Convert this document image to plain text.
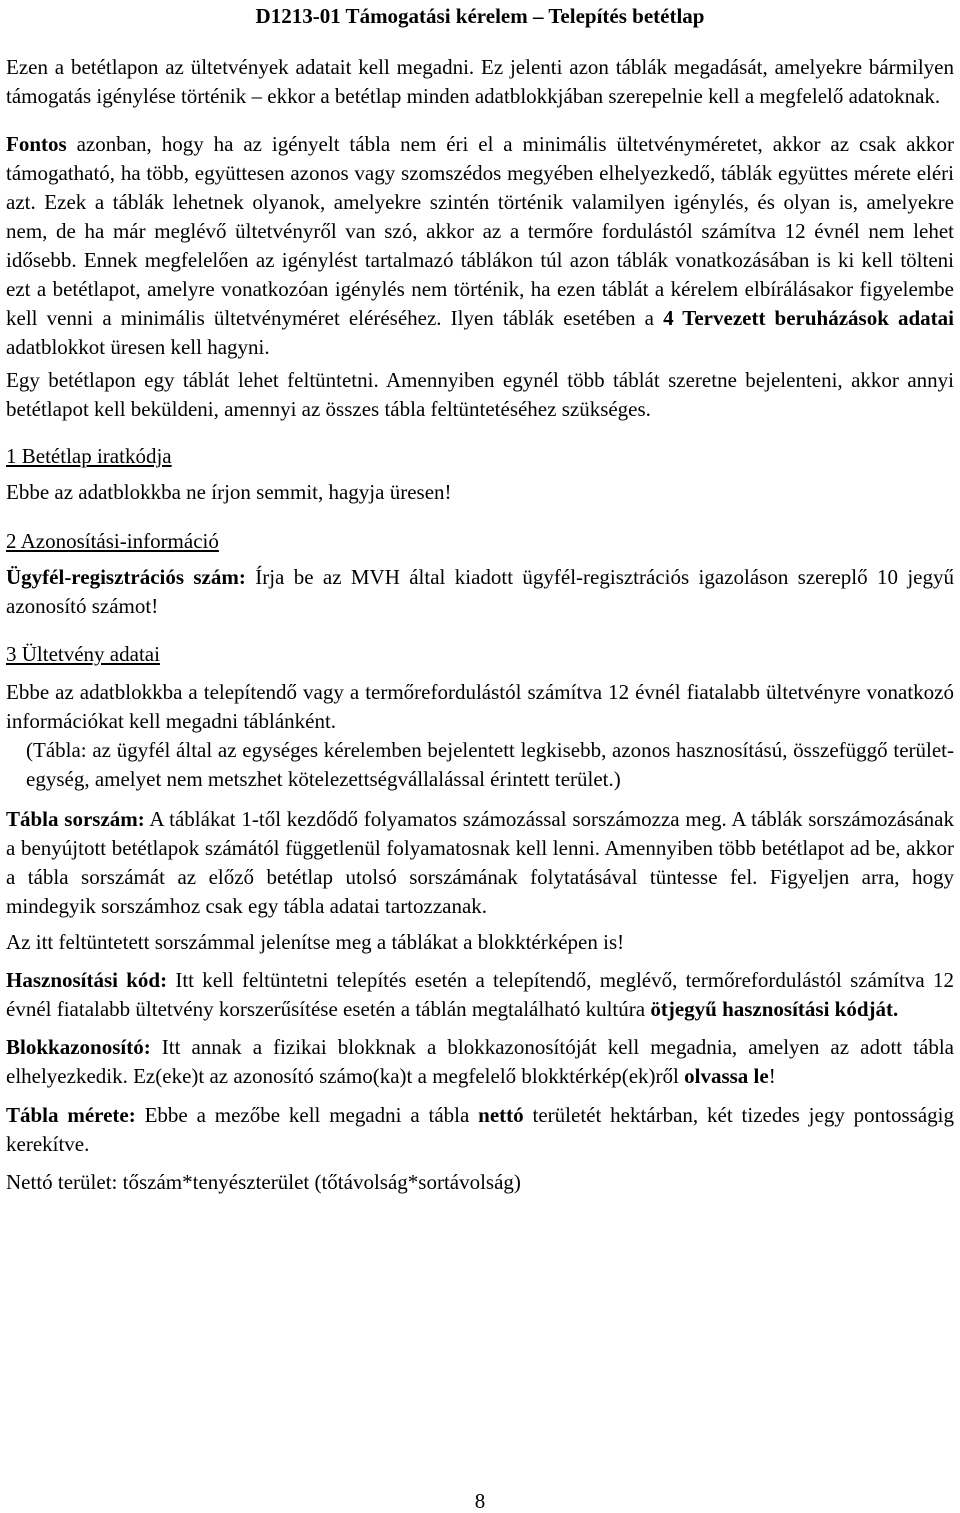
D1213-01 Támogatási kérelem – Telepítés betétlap

Ezen a betétlapon az ültetvények adatait kell megadni. Ez jelenti azon táblák megadását, amelyekre bármilyen támogatás igénylése történik – ekkor a betétlap minden adatblokkjában szerepelnie kell a megfelelő adatoknak.

Fontos azonban, hogy ha az igényelt tábla nem éri el a minimális ültetvényméretet, akkor az csak akkor támogatható, ha több, együttesen azonos vagy szomszédos megyében elhelyezkedő, táblák együttes mérete eléri azt. Ezek a táblák lehetnek olyanok, amelyekre szintén történik valamilyen igénylés, és olyan is, amelyekre nem, de ha már meglévő ültetvényről van szó, akkor az a termőre fordulástól számítva 12 évnél nem lehet idősebb. Ennek megfelelően az igénylést tartalmazó táblákon túl azon táblák vonatkozásában is ki kell tölteni ezt a betétlapot, amelyre vonatkozóan igénylés nem történik, ha ezen táblát a kérelem elbírálásakor figyelembe kell venni a minimális ültetvényméret eléréséhez. Ilyen táblák esetében a 4 Tervezett beruházások adatai adatblokkot üresen kell hagyni.

Egy betétlapon egy táblát lehet feltüntetni. Amennyiben egynél több táblát szeretne bejelenteni, akkor annyi betétlapot kell beküldeni, amennyi az összes tábla feltüntetéséhez szükséges.

1 Betétlap iratkódja

Ebbe az adatblokkba ne írjon semmit, hagyja üresen!

2 Azonosítási-információ

Ügyfél-regisztrációs szám: Írja be az MVH által kiadott ügyfél-regisztrációs igazoláson szereplő 10 jegyű azonosító számot!

3 Ültetvény adatai

Ebbe az adatblokkba a telepítendő vagy a termőrefordulástól számítva 12 évnél fiatalabb ültetvényre vonatkozó információkat kell megadni táblánként.

(Tábla: az ügyfél által az egységes kérelemben bejelentett legkisebb, azonos hasznosítású, összefüggő területegység, amelyet nem metszhet kötelezettségvállalással érintett terület.)

Tábla sorszám: A táblákat 1-től kezdődő folyamatos számozással sorszámozza meg. A táblák sorszámozásának a benyújtott betétlapok számától függetlenül folyamatosnak kell lenni. Amennyiben több betétlapot ad be, akkor a tábla sorszámát az előző betétlap utolsó sorszámának folytatásával tüntesse fel. Figyeljen arra, hogy mindegyik sorszámhoz csak egy tábla adatai tartozzanak.

Az itt feltüntetett sorszámmal jelenítse meg a táblákat a blokktérképen is!

Hasznosítási kód: Itt kell feltüntetni telepítés esetén a telepítendő, meglévő, termőrefordulástól számítva 12 évnél fiatalabb ültetvény korszerűsítése esetén a táblán megtalálható kultúra ötjegyű hasznosítási kódját.

Blokkazonosító: Itt annak a fizikai blokknak a blokkazonosítóját kell megadnia, amelyen az adott tábla elhelyezkedik. Ez(eke)t az azonosító számo(ka)t a megfelelő blokktérkép(ek)ről olvassa le!

Tábla mérete: Ebbe a mezőbe kell megadni a tábla nettó területét hektárban, két tizedes jegy pontosságig kerekítve.

Nettó terület: tőszám*tenyészterület (tőtávolság*sortávolság)

8
